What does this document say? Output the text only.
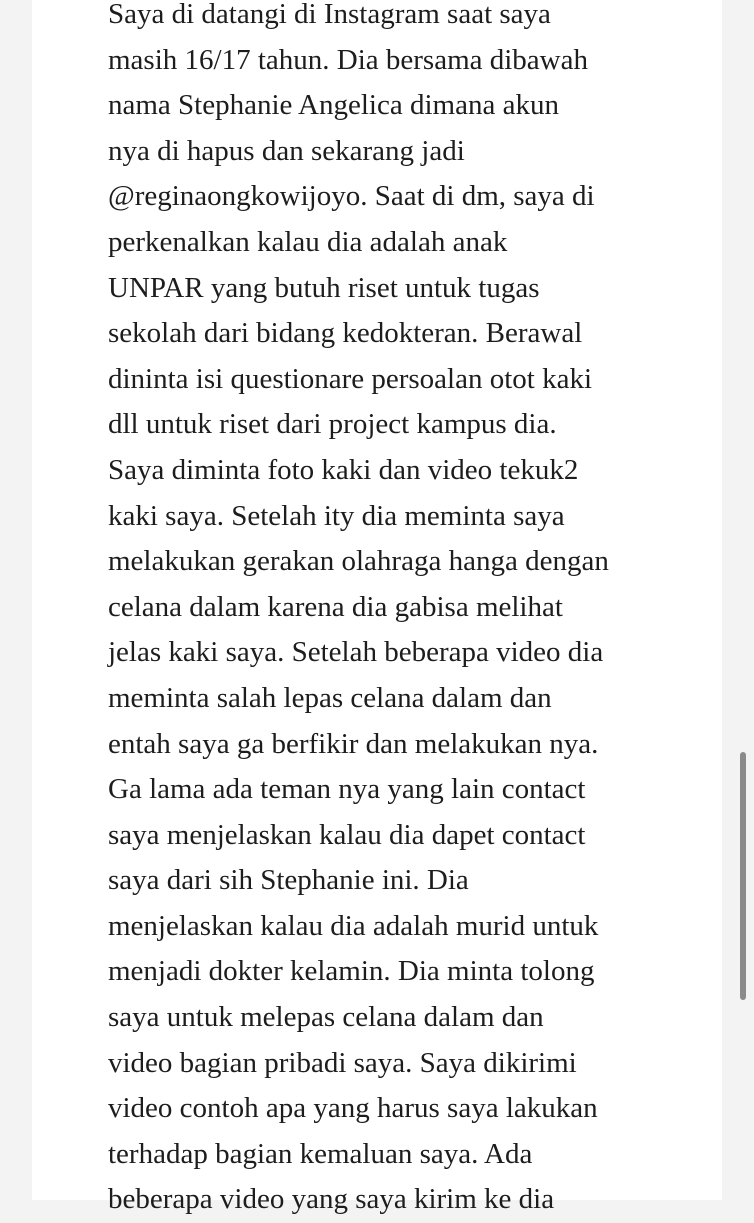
Saya di datangi di Instagram saat saya
masih 16/17 tahun. Dia bersama dibawah
nama Stephanie Angelica dimana akun
nya di hapus dan sekarang jadi
@reginaongkowijoyo. Saat di dm, saya di
perkenalkan kalau dia adalah anak
UNPAR yang butuh riset untuk tugas
sekolah dari bidang kedokteran. Berawal
dininta isi questionare persoalan otot kaki
dll untuk riset dari project kampus dia.
Saya diminta foto kaki dan video tekuk2
kaki saya. Setelah ity dia meminta saya
melakukan gerakan olahraga hanga dengan
celana dalam karena dia gabisa melihat
jelas kaki saya. Setelah beberapa video dia
meminta salah lepas celana dalam dan
entah saya ga berfikir dan melakukan nya.
Ga lama ada teman nya yang lain contact
saya menjelaskan kalau dia dapet contact
saya dari sih Stephanie ini. Dia
menjelaskan kalau dia adalah murid untuk
menjadi dokter kelamin. Dia minta tolong
saya untuk melepas celana dalam dan
video bagian pribadi saya. Saya dikirimi
video contoh apa yang harus saya lakukan
terhadap bagian kemaluan saya. Ada
beberapa video yang saya kirim ke dia
